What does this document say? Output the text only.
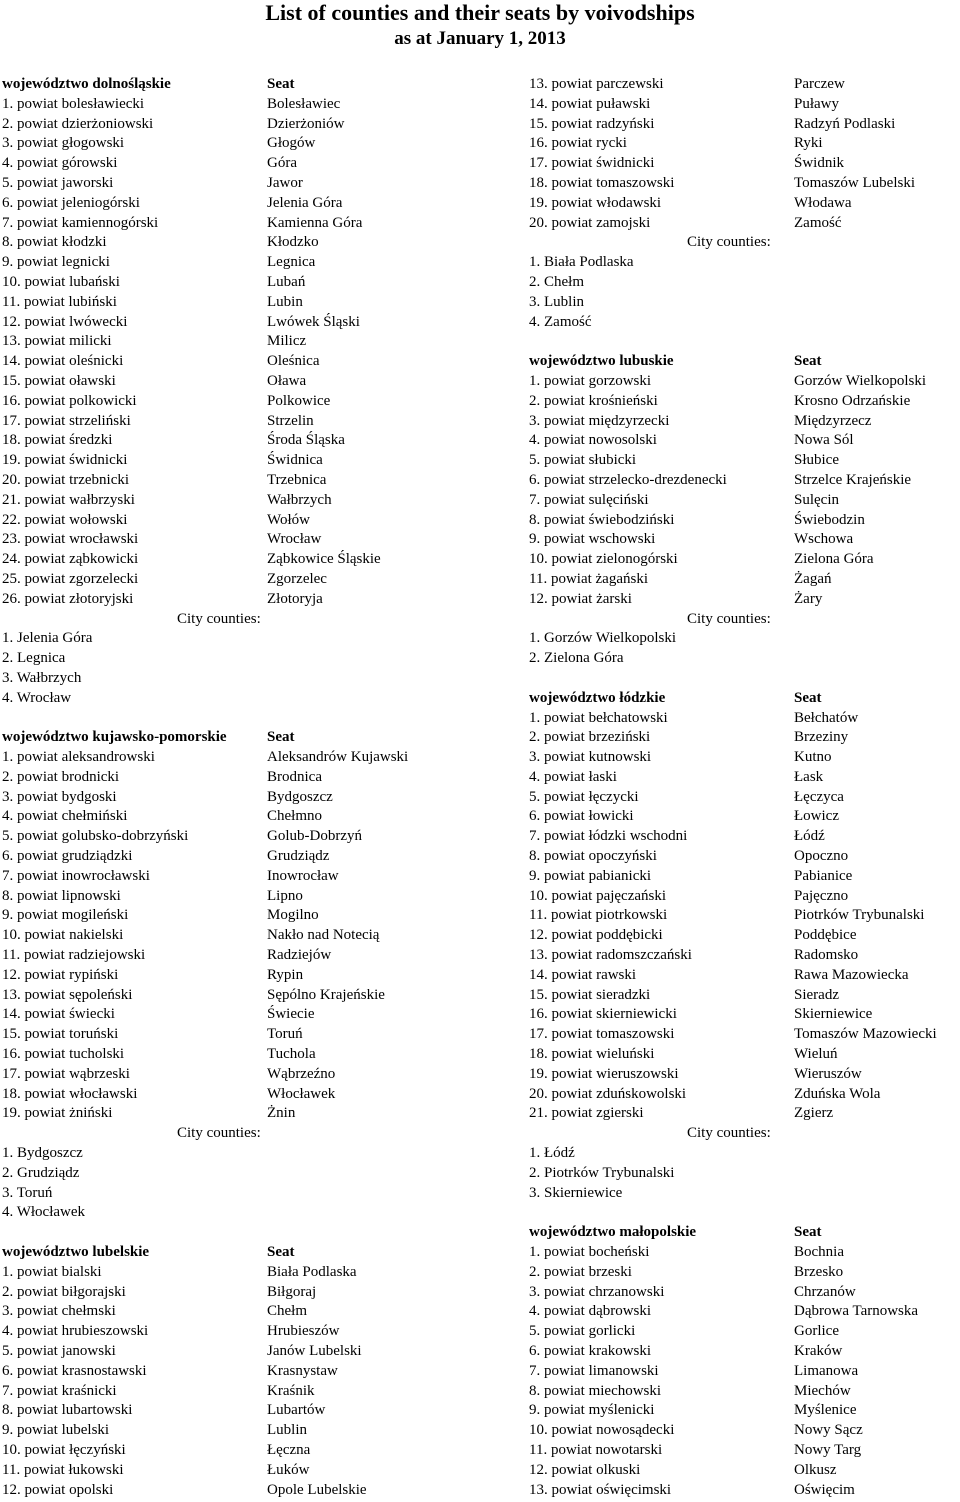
List of counties and their seats by voivodships
as at January 1, 2013
województwo dolnośląskie	Seat
1. powiat bolesławiecki	Bolesławiec
2. powiat dzierżoniowski	Dzierżoniów
3. powiat głogowski	Głogów
4. powiat górowski	Góra
5. powiat jaworski	Jawor
6. powiat jeleniogórski	Jelenia Góra
7. powiat kamiennogórski	Kamienna Góra
8. powiat kłodzki	Kłodzko
9. powiat legnicki	Legnica
10. powiat lubański	Lubań
11. powiat lubiński	Lubin
12. powiat lwówecki	Lwówek Śląski
13. powiat milicki	Milicz
14. powiat oleśnicki	Oleśnica
15. powiat oławski	Oława
16. powiat polkowicki	Polkowice
17. powiat strzeliński	Strzelin
18. powiat średzki	Środa Śląska
19. powiat świdnicki	Świdnica
20. powiat trzebnicki	Trzebnica
21. powiat wałbrzyski	Wałbrzych
22. powiat wołowski	Wołów
23. powiat wrocławski	Wrocław
24. powiat ząbkowicki	Ząbkowice Śląskie
25. powiat zgorzelecki	Zgorzelec
26. powiat złotoryjski	Złotoryja
City counties:
1. Jelenia Góra
2. Legnica
3. Wałbrzych
4. Wrocław
województwo kujawsko-pomorskie	Seat
1. powiat aleksandrowski	Aleksandrów Kujawski
2. powiat brodnicki	Brodnica
3. powiat bydgoski	Bydgoszcz
4. powiat chełmiński	Chełmno
5. powiat golubsko-dobrzyński	Golub-Dobrzyń
6. powiat grudziądzki	Grudziądz
7. powiat inowrocławski	Inowrocław
8. powiat lipnowski	Lipno
9. powiat mogileński	Mogilno
10. powiat nakielski	Nakło nad Notecią
11. powiat radziejowski	Radziejów
12. powiat rypiński	Rypin
13. powiat sępoleński	Sępólno Krajeńskie
14. powiat świecki	Świecie
15. powiat toruński	Toruń
16. powiat tucholski	Tuchola
17. powiat wąbrzeski	Wąbrzeźno
18. powiat włocławski	Włocławek
19. powiat żniński	Żnin
City counties:
1. Bydgoszcz
2. Grudziądz
3. Toruń
4. Włocławek
województwo lubelskie	Seat
1. powiat bialski	Biała Podlaska
2. powiat biłgorajski	Biłgoraj
3. powiat chełmski	Chełm
4. powiat hrubieszowski	Hrubieszów
5. powiat janowski	Janów Lubelski
6. powiat krasnostawski	Krasnystaw
7. powiat kraśnicki	Kraśnik
8. powiat lubartowski	Lubartów
9. powiat lubelski	Lublin
10. powiat łęczyński	Łęczna
11. powiat łukowski	Łuków
12. powiat opolski	Opole Lubelskie
13. powiat parczewski	Parczew
14. powiat puławski	Puławy
15. powiat radzyński	Radzyń Podlaski
16. powiat rycki	Ryki
17. powiat świdnicki	Świdnik
18. powiat tomaszowski	Tomaszów Lubelski
19. powiat włodawski	Włodawa
20. powiat zamojski	Zamość
City counties:
1. Biała Podlaska
2. Chełm
3. Lublin
4. Zamość
województwo lubuskie	Seat
1. powiat gorzowski	Gorzów Wielkopolski
2. powiat krośnieński	Krosno Odrzańskie
3. powiat międzyrzecki	Międzyrzecz
4. powiat nowosolski	Nowa Sól
5. powiat słubicki	Słubice
6. powiat strzelecko-drezdenecki	Strzelce Krajeńskie
7. powiat sulęciński	Sulęcin
8. powiat świebodziński	Świebodzin
9. powiat wschowski	Wschowa
10. powiat zielonogórski	Zielona Góra
11. powiat żagański	Żagań
12. powiat żarski	Żary
City counties:
1. Gorzów Wielkopolski
2. Zielona Góra
województwo łódzkie	Seat
1. powiat bełchatowski	Bełchatów
2. powiat brzeziński	Brzeziny
3. powiat kutnowski	Kutno
4. powiat łaski	Łask
5. powiat łęczycki	Łęczyca
6. powiat łowicki	Łowicz
7. powiat łódzki wschodni	Łódź
8. powiat opoczyński	Opoczno
9. powiat pabianicki	Pabianice
10. powiat pajęczański	Pajęczno
11. powiat piotrkowski	Piotrków Trybunalski
12. powiat poddębicki	Poddębice
13. powiat radomszczański	Radomsko
14. powiat rawski	Rawa Mazowiecka
15. powiat sieradzki	Sieradz
16. powiat skierniewicki	Skierniewice
17. powiat tomaszowski	Tomaszów Mazowiecki
18. powiat wieluński	Wieluń
19. powiat wieruszowski	Wieruszów
20. powiat zduńskowolski	Zduńska Wola
21. powiat zgierski	Zgierz
City counties:
1. Łódź
2. Piotrków Trybunalski
3. Skierniewice
województwo małopolskie	Seat
1. powiat bocheński	Bochnia
2. powiat brzeski	Brzesko
3. powiat chrzanowski	Chrzanów
4. powiat dąbrowski	Dąbrowa Tarnowska
5. powiat gorlicki	Gorlice
6. powiat krakowski	Kraków
7. powiat limanowski	Limanowa
8. powiat miechowski	Miechów
9. powiat myślenicki	Myślenice
10. powiat nowosądecki	Nowy Sącz
11. powiat nowotarski	Nowy Targ
12. powiat olkuski	Olkusz
13. powiat oświęcimski	Oświęcim
